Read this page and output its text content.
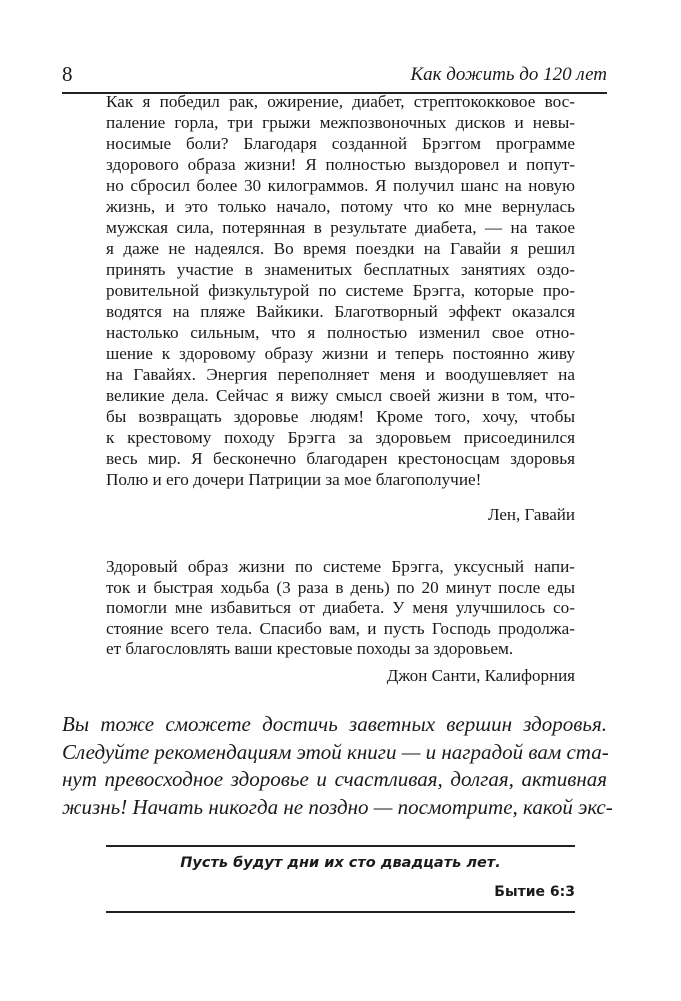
8	Как дожить до 120 лет
Как я победил рак, ожирение, диабет, стрептококковое вос-
паление горла, три грыжи межпозвоночных дисков и невы-
носимые боли? Благодаря созданной Брэггом программе
здорового образа жизни! Я полностью выздоровел и попут-
но сбросил более 30 килограммов. Я получил шанс на новую
жизнь, и это только начало, потому что ко мне вернулась
мужская сила, потерянная в результате диабета, — на такое
я даже не надеялся. Во время поездки на Гавайи я решил
принять участие в знаменитых бесплатных занятиях оздо-
ровительной физкультурой по системе Брэгга, которые про-
водятся на пляже Вайкики. Благотворный эффект оказался
настолько сильным, что я полностью изменил свое отно-
шение к здоровому образу жизни и теперь постоянно живу
на Гавайях. Энергия переполняет меня и воодушевляет на
великие дела. Сейчас я вижу смысл своей жизни в том, что-
бы возвращать здоровье людям! Кроме того, хочу, чтобы
к крестовому походу Брэгга за здоровьем присоединился
весь мир. Я бесконечно благодарен крестоносцам здоровья
Полю и его дочери Патриции за мое благополучие!
Лен, Гавайи
Здоровый образ жизни по системе Брэгга, уксусный напи-
ток и быстрая ходьба (3 раза в день) по 20 минут после еды
помогли мне избавиться от диабета. У меня улучшилось со-
стояние всего тела. Спасибо вам, и пусть Господь продолжа-
ет благословлять ваши крестовые походы за здоровьем.
Джон Санти, Калифорния
Вы тоже сможете достичь заветных вершин здоровья.
Следуйте рекомендациям этой книги — и наградой вам ста-
нут превосходное здоровье и счастливая, долгая, активная
жизнь! Начать никогда не поздно — посмотрите, какой экс-
Пусть будут дни их сто двадцать лет.
Бытие 6:3
